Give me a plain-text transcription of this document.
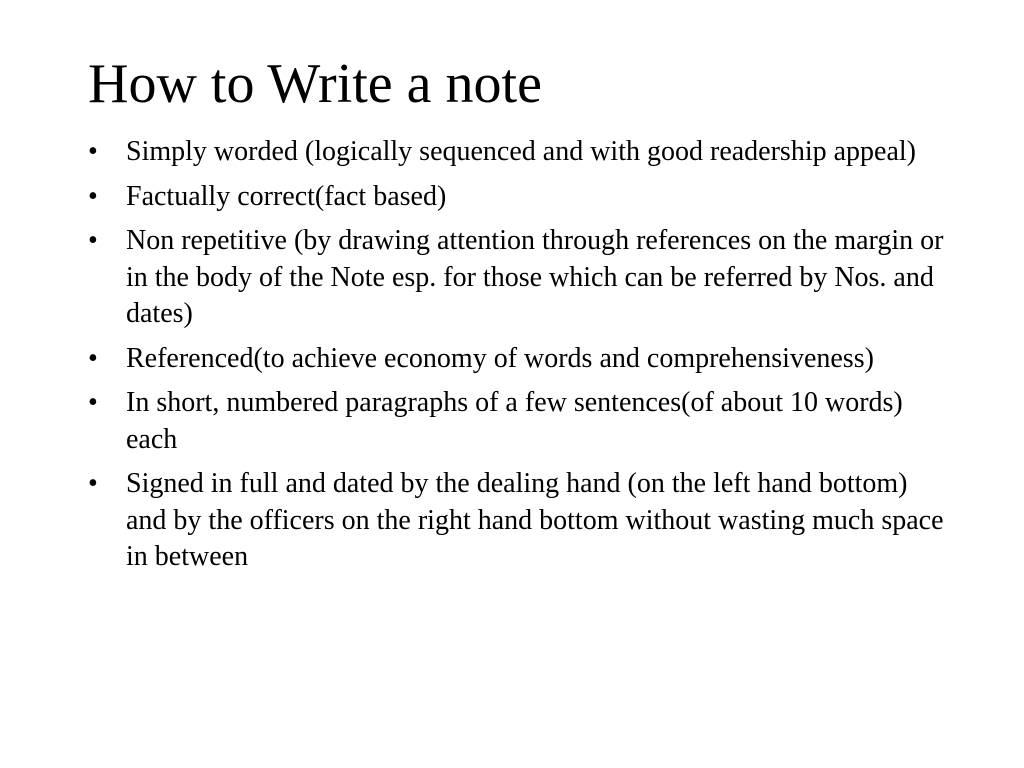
How to Write a note
•	Simply worded (logically sequenced and with good readership appeal)
•	Factually correct(fact based)
•	Non repetitive (by drawing attention through references on the margin or in the body of the Note esp. for those which can be referred by Nos. and dates)
•	Referenced(to achieve economy of words and comprehensiveness)
•	In short, numbered paragraphs of a few sentences(of about 10 words) each
•	Signed in full and dated by the dealing hand (on the left hand bottom) and by the officers on the right hand bottom without wasting much space in between
